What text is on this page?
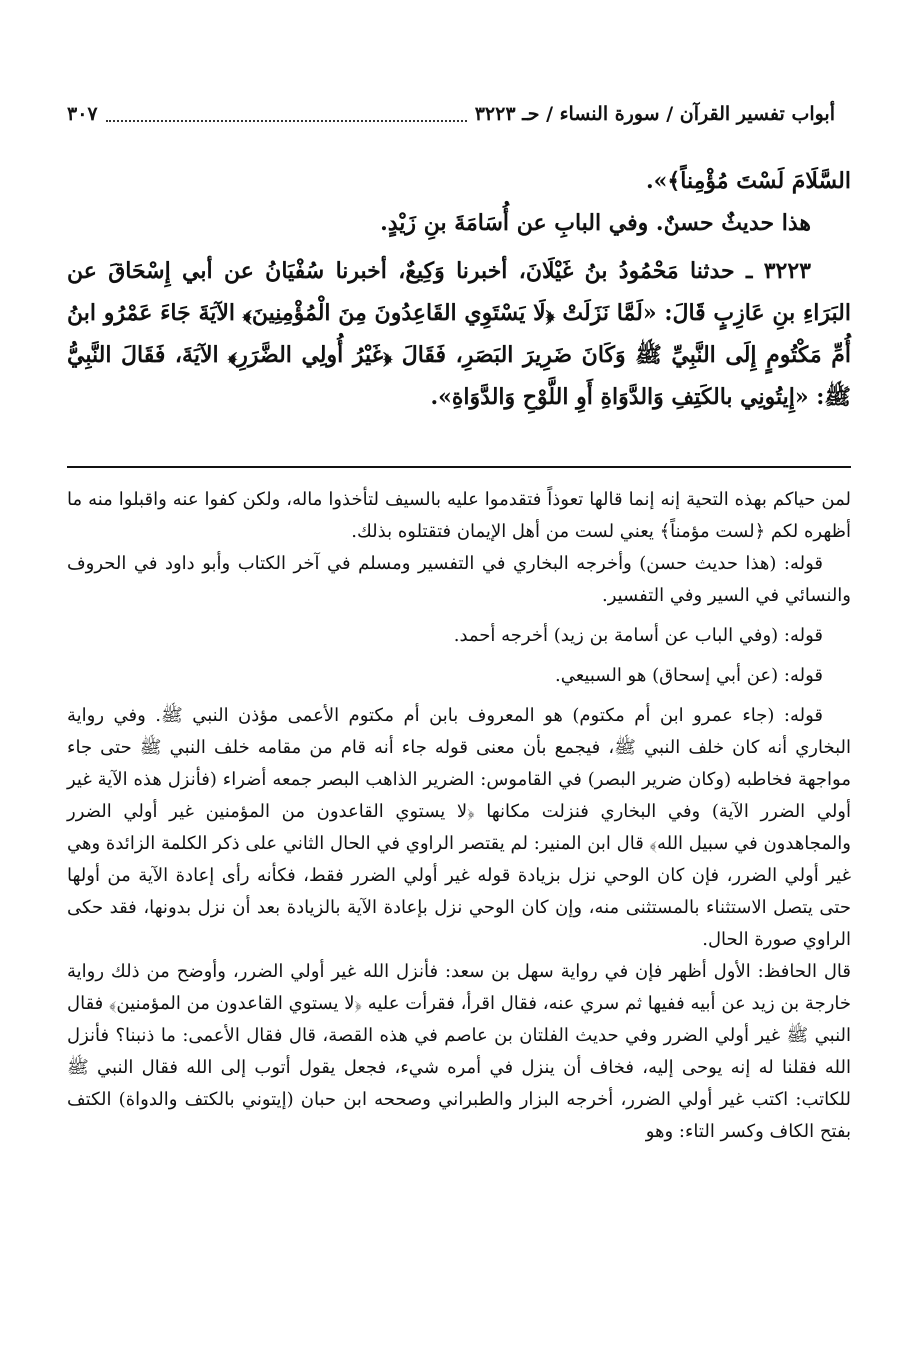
أبواب تفسير القرآن / سورة النساء / حـ ٣٢٢٣
٣٠٧

السَّلَامَ لَسْتَ مُؤْمِناً﴾».

هذا حديثٌ حسنٌ. وفي البابِ عن أُسَامَةَ بنِ زَيْدٍ.

٣٢٢٣ ـ حدثنا مَحْمُودُ بنُ غَيْلَانَ، أخبرنا وَكِيعٌ، أخبرنا سُفْيَانُ عن أبي إِسْحَاقَ عن البَرَاءِ بنِ عَازِبٍ قَالَ: «لَمَّا نَزَلَتْ ﴿لَا يَسْتَوِي القَاعِدُونَ مِنَ الْمُؤْمِنِينَ﴾ الآيَةَ جَاءَ عَمْرُو ابنُ أُمِّ مَكْتُومٍ إِلَى النَّبِيِّ ﷺ وَكَانَ ضَرِيرَ البَصَرِ، فَقَالَ ﴿غَيْرُ أُولِي الضَّرَرِ﴾ الآيَةَ، فَقَالَ النَّبِيُّ ﷺ: «إِيتُونِي بالكَتِفِ وَالدَّوَاةِ أَوِ اللَّوْحِ وَالدَّوَاةِ».

لمن حياكم بهذه التحية إنه إنما قالها تعوذاً فتقدموا عليه بالسيف لتأخذوا ماله، ولكن كفوا عنه واقبلوا منه ما أظهره لكم ﴿لست مؤمناً﴾ يعني لست من أهل الإيمان فتقتلوه بذلك.

قوله: (هذا حديث حسن) وأخرجه البخاري في التفسير ومسلم في آخر الكتاب وأبو داود في الحروف والنسائي في السير وفي التفسير.

قوله: (وفي الباب عن أسامة بن زيد) أخرجه أحمد.

قوله: (عن أبي إسحاق) هو السبيعي.

قوله: (جاء عمرو ابن أم مكتوم) هو المعروف بابن أم مكتوم الأعمى مؤذن النبي ﷺ. وفي رواية البخاري أنه كان خلف النبي ﷺ، فيجمع بأن معنى قوله جاء أنه قام من مقامه خلف النبي ﷺ حتى جاء مواجهة فخاطبه (وكان ضرير البصر) في القاموس: الضرير الذاهب البصر جمعه أضراء (فأنزل هذه الآية غير أولي الضرر الآية) وفي البخاري فنزلت مكانها ﴿لا يستوي القاعدون من المؤمنين غير أولي الضرر والمجاهدون في سبيل الله﴾ قال ابن المنير: لم يقتصر الراوي في الحال الثاني على ذكر الكلمة الزائدة وهي غير أولي الضرر، فإن كان الوحي نزل بزيادة قوله غير أولي الضرر فقط، فكأنه رأى إعادة الآية من أولها حتى يتصل الاستثناء بالمستثنى منه، وإن كان الوحي نزل بإعادة الآية بالزيادة بعد أن نزل بدونها، فقد حكى الراوي صورة الحال.

قال الحافظ: الأول أظهر فإن في رواية سهل بن سعد: فأنزل الله غير أولي الضرر، وأوضح من ذلك رواية خارجة بن زيد عن أبيه ففيها ثم سري عنه، فقال اقرأ، فقرأت عليه ﴿لا يستوي القاعدون من المؤمنين﴾ فقال النبي ﷺ غير أولي الضرر وفي حديث الفلتان بن عاصم في هذه القصة، قال فقال الأعمى: ما ذنبنا؟ فأنزل الله فقلنا له إنه يوحى إليه، فخاف أن ينزل في أمره شيء، فجعل يقول أتوب إلى الله فقال النبي ﷺ للكاتب: اكتب غير أولي الضرر، أخرجه البزار والطبراني وصححه ابن حبان (إيتوني بالكتف والدواة) الكتف بفتح الكاف وكسر التاء: وهو
